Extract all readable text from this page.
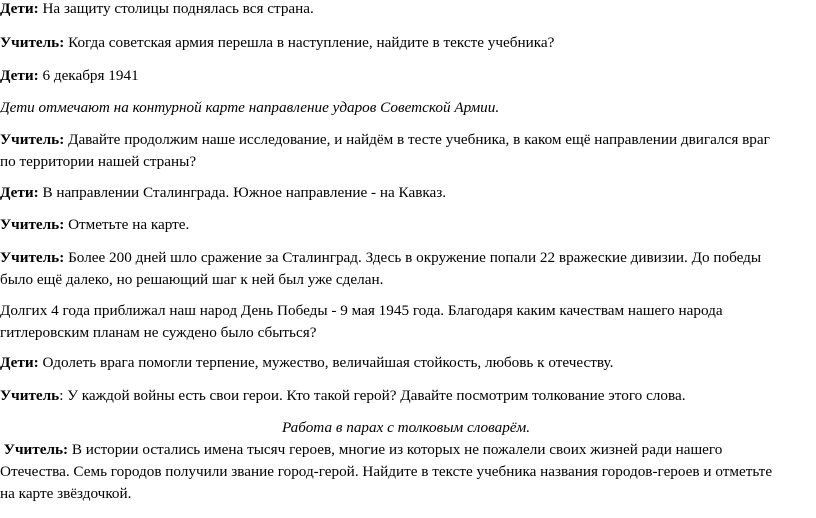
Дети: На защиту столицы поднялась вся страна.

Учитель: Когда советская армия перешла в наступление, найдите в тексте учебника?

Дети: 6 декабря 1941

Дети отмечают на контурной карте направление ударов Советской Армии.

Учитель: Давайте продолжим наше исследование, и найдём в тесте учебника, в каком ещё направлении двигался враг
по территории нашей страны?

Дети: В направлении Сталинграда. Южное направление - на Кавказ.

Учитель: Отметьте на карте.

Учитель: Более 200 дней шло сражение за Сталинград. Здесь в окружение попали 22 вражеские дивизии. До победы
было ещё далеко, но решающий шаг к ней был уже сделан.

Долгих 4 года приближал наш народ День Победы - 9 мая 1945 года. Благодаря каким качествам нашего народа
гитлеровским планам не суждено было сбыться?

Дети: Одолеть врага помогли терпение, мужество, величайшая стойкость, любовь к отечеству.

Учитель: У каждой войны есть свои герои. Кто такой герой? Давайте посмотрим толкование этого слова.

Работа в парах с толковым словарём.

Учитель: В истории остались имена тысяч героев, многие из которых не пожалели своих жизней ради нашего
Отечества. Семь городов получили звание город-герой. Найдите в тексте учебника названия городов-героев и отметьте
на карте звёздочкой.
